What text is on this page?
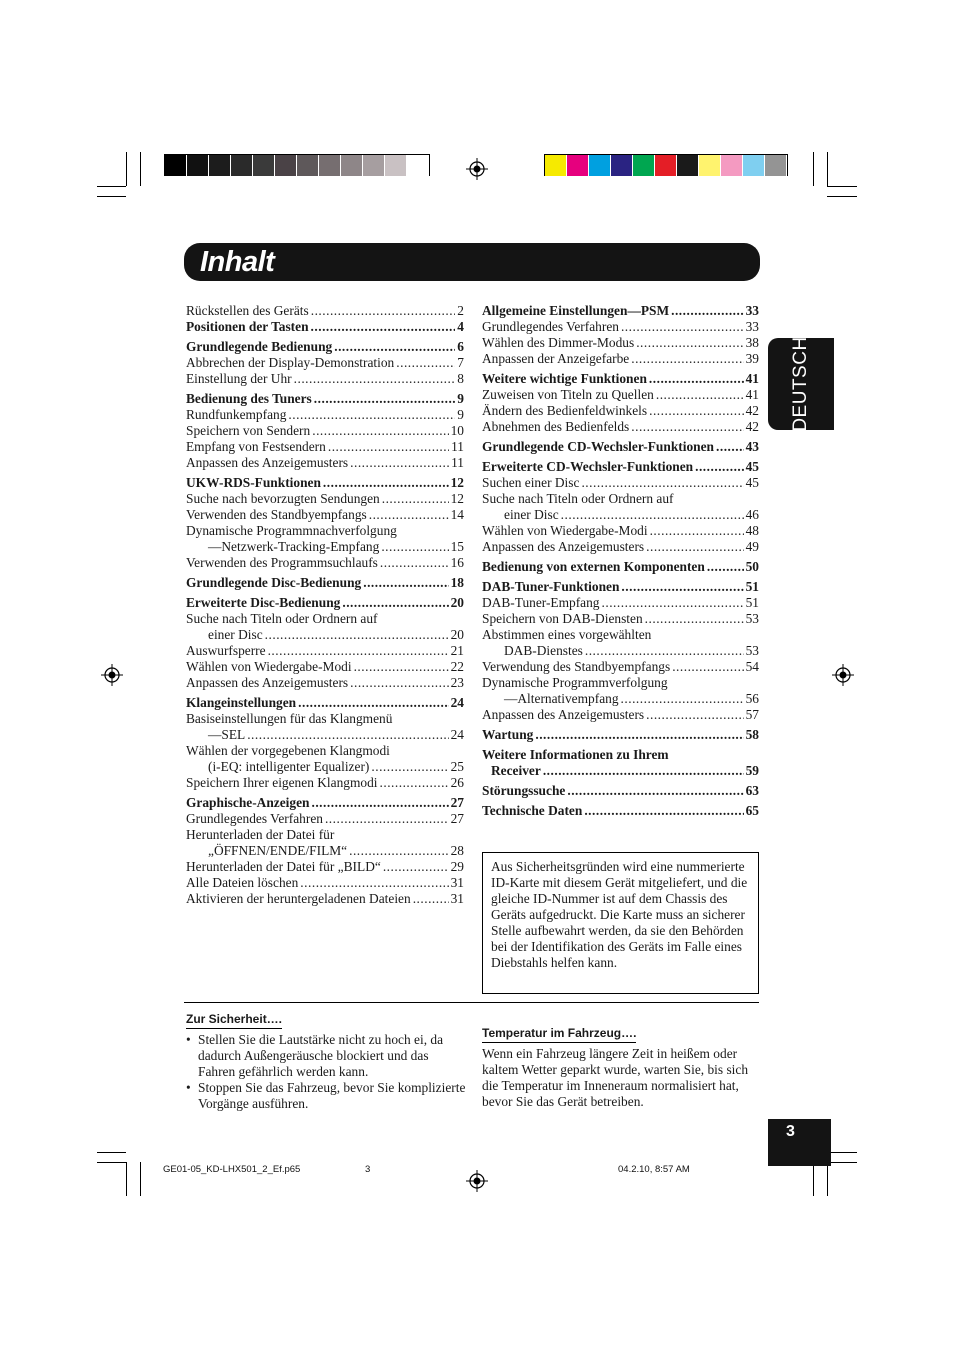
Inhalt
DEUTSCH
Rückstellen des Geräts .....	2
Positionen der Tasten .....	4
Grundlegende Bedienung .....	6
Abbrechen der Display-Demonstration .....	7
Einstellung der Uhr .....	8
Bedienung des Tuners .....	9
Rundfunkempfang .....	9
Speichern von Sendern .....	10
Empfang von Festsendern .....	11
Anpassen des Anzeigemusters .....	11
UKW-RDS-Funktionen .....	12
Suche nach bevorzugten Sendungen .....	12
Verwenden des Standbyempfangs .....	14
Dynamische Programmnachverfolgung
—Netzwerk-Tracking-Empfang .....	15
Verwenden des Programmsuchlaufs .....	16
Grundlegende Disc-Bedienung .....	18
Erweiterte Disc-Bedienung .....	20
Suche nach Titeln oder Ordnern auf
einer Disc .....	20
Auswurfsperre .....	21
Wählen von Wiedergabe-Modi .....	22
Anpassen des Anzeigemusters .....	23
Klangeinstellungen .....	24
Basiseinstellungen für das Klangmenü
—SEL .....	24
Wählen der vorgegebenen Klangmodi
(i-EQ: intelligenter Equalizer) .....	25
Speichern Ihrer eigenen Klangmodi .....	26
Graphische-Anzeigen .....	27
Grundlegendes Verfahren .....	27
Herunterladen der Datei für
„ÖFFNEN/ENDE/FILM“ .....	28
Herunterladen der Datei für „BILD“ .....	29
Alle Dateien löschen .....	31
Aktivieren der heruntergeladenen Dateien .....	31
Allgemeine Einstellungen—PSM .....	33
Grundlegendes Verfahren .....	33
Wählen des Dimmer-Modus .....	38
Anpassen der Anzeigefarbe .....	39
Weitere wichtige Funktionen .....	41
Zuweisen von Titeln zu Quellen .....	41
Ändern des Bedienfeldwinkels .....	42
Abnehmen des Bedienfelds .....	42
Grundlegende CD-Wechsler-Funktionen ..... 43
Erweiterte CD-Wechsler-Funktionen .....	45
Suchen einer Disc .....	45
Suche nach Titeln oder Ordnern auf
einer Disc .....	46
Wählen von Wiedergabe-Modi .....	48
Anpassen des Anzeigemusters .....	49
Bedienung von externen Komponenten .....	50
DAB-Tuner-Funktionen .....	51
DAB-Tuner-Empfang .....	51
Speichern von DAB-Diensten .....	53
Abstimmen eines vorgewählten
DAB-Dienstes .....	53
Verwendung des Standbyempfangs .....	54
Dynamische Programmverfolgung
—Alternativempfang .....	56
Anpassen des Anzeigemusters .....	57
Wartung .....	58
Weitere Informationen zu Ihrem
Receiver .....	59
Störungssuche .....	63
Technische Daten .....	65
Aus Sicherheitsgründen wird eine nummerierte ID-Karte mit diesem Gerät mitgeliefert, und die gleiche ID-Nummer ist auf dem Chassis des Geräts aufgedruckt. Die Karte muss an sicherer Stelle aufbewahrt werden, da sie den Behörden bei der Identifikation des Geräts im Falle eines Diebstahls helfen kann.
Zur Sicherheit….
• Stellen Sie die Lautstärke nicht zu hoch ei, da dadurch Außengeräusche blockiert und das Fahren gefährlich werden kann.
• Stoppen Sie das Fahrzeug, bevor Sie komplizierte Vorgänge ausführen.
Temperatur im Fahrzeug….
Wenn ein Fahrzeug längere Zeit in heißem oder kaltem Wetter geparkt wurde, warten Sie, bis sich die Temperatur im Inneneraum normalisiert hat, bevor Sie das Gerät betreiben.
3
GE01-05_KD-LHX501_2_Ef.p65	3	04.2.10, 8:57 AM
